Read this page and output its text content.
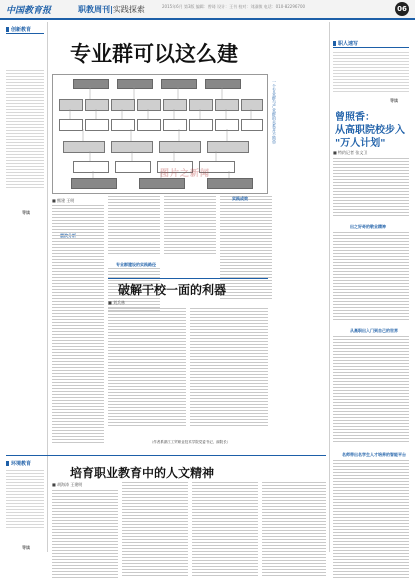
中国教育报	职教周刊|实践探索	2015年6月 第3版 编辑：曾琦 设计：王书 校对：刘淑敏 电话：010-82296700	06
创新教育
导读
专业群可以这么建
一个专业群与产业群的关系并不简单
图片之新闻
■ 熊建 王明
专业群建设的实践路径
实践成效
破解干校一面的利器
■ 刘兵林
（作者系浙江工贸职业技术学院党委书记、副院长）
职人速写
导读
曾照香：
从高职院校步入
"万人计划"
■ 特约记者 张文卫
出之好奇的敬业精神
从高职出入门到自己的世界
名师带出名学生人才培养的智能平台
环境教育
导读
培育职业教育中的人文精神
■ 胡海涛 王建明
